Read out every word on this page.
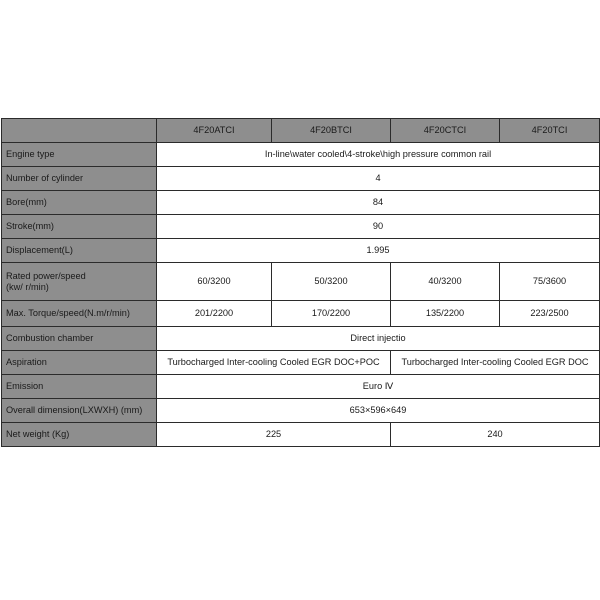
	4F20ATCI	4F20BTCI	4F20CTCI	4F20TCI
Engine type	In-line\water cooled\4-stroke\high pressure common rail			
Number of cylinder	4			
Bore(mm)	84			
Stroke(mm)	90			
Displacement(L)	1.995			

Rated power/speed
(kw/ r/min)	60/3200	50/3200	40/3200	75/3600
Max. Torque/speed(N.m/r/min)	201/2200	170/2200	135/2200	223/2500
Combustion chamber	Direct injectio			
Aspiration	Turbocharged Inter-cooling Cooled EGR DOC+POC		Turbocharged Inter-cooling Cooled EGR DOC	
Emission	Euro Ⅳ			
Overall dimension(LXWXH) (mm)	653×596×649			
Net weight (Kg)	225		240	
